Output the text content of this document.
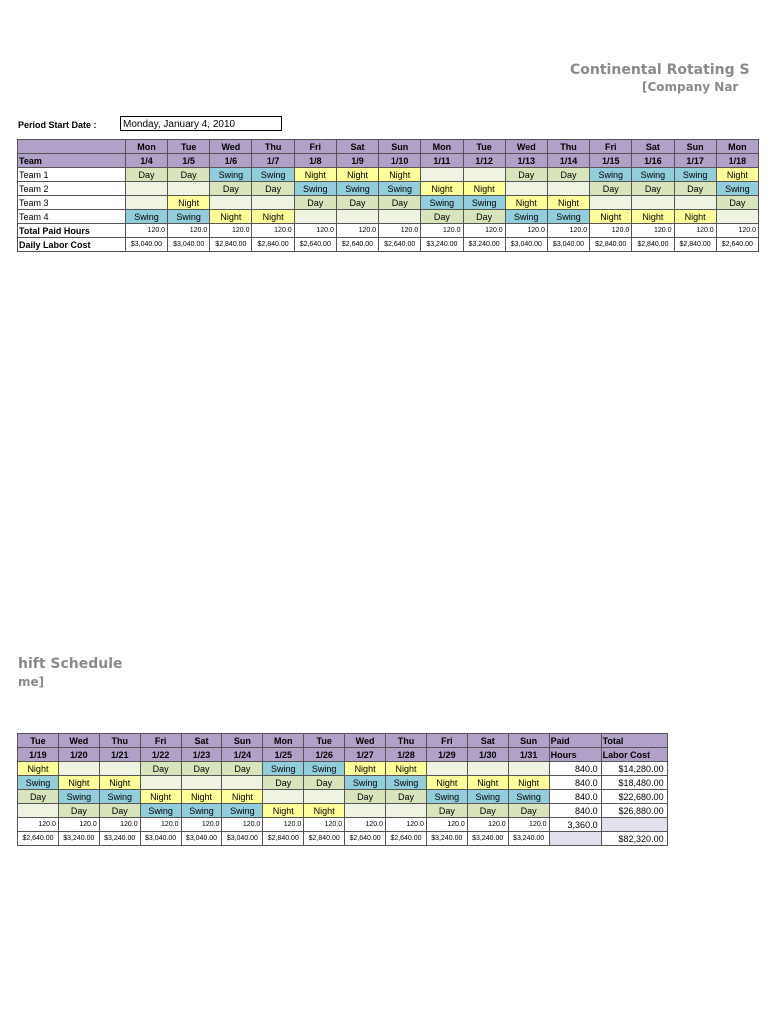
Continental Rotating S
[Company Nar
Period Start Date :	Monday, January 4, 2010
	Mon	Tue	Wed	Thu	Fri	Sat	Sun	Mon	Tue	Wed	Thu	Fri	Sat	Sun	Mon
Team	1/4	1/5	1/6	1/7	1/8	1/9	1/10	1/11	1/12	1/13	1/14	1/15	1/16	1/17	1/18
Team 1	Day	Day	Swing	Swing	Night	Night	Night			Day	Day	Swing	Swing	Swing	Night
Team 2			Day	Day	Swing	Swing	Swing	Night	Night			Day	Day	Day	Swing
Team 3		Night			Day	Day	Day	Swing	Swing	Night	Night				Day
Team 4	Swing	Swing	Night	Night				Day	Day	Swing	Swing	Night	Night	Night	
Total Paid Hours	120.0	120.0	120.0	120.0	120.0	120.0	120.0	120.0	120.0	120.0	120.0	120.0	120.0	120.0	120.0
Daily Labor Cost	$3,040.00	$3,040.00	$2,840.00	$2,840.00	$2,640.00	$2,640.00	$2,640.00	$3,240.00	$3,240.00	$3,040.00	$3,040.00	$2,840.00	$2,840.00	$2,840.00	$2,640.00
hift Schedule
me]
Tue	Wed	Thu	Fri	Sat	Sun	Mon	Tue	Wed	Thu	Fri	Sat	Sun	Paid	Total
1/19	1/20	1/21	1/22	1/23	1/24	1/25	1/26	1/27	1/28	1/29	1/30	1/31	Hours	Labor Cost
Night			Day	Day	Day	Swing	Swing	Night	Night				840.0	$14,280.00
Swing	Night	Night				Day	Day	Swing	Swing	Night	Night	Night	840.0	$18,480.00
Day	Swing	Swing	Night	Night	Night			Day	Day	Swing	Swing	Swing	840.0	$22,680.00
	Day	Day	Swing	Swing	Swing	Night	Night			Day	Day	Day	840.0	$26,880.00
120.0	120.0	120.0	120.0	120.0	120.0	120.0	120.0	120.0	120.0	120.0	120.0	120.0	3,360.0	
$2,640.00	$3,240.00	$3,240.00	$3,040.00	$3,040.00	$3,040.00	$2,840.00	$2,840.00	$2,640.00	$2,640.00	$3,240.00	$3,240.00	$3,240.00		$82,320.00
